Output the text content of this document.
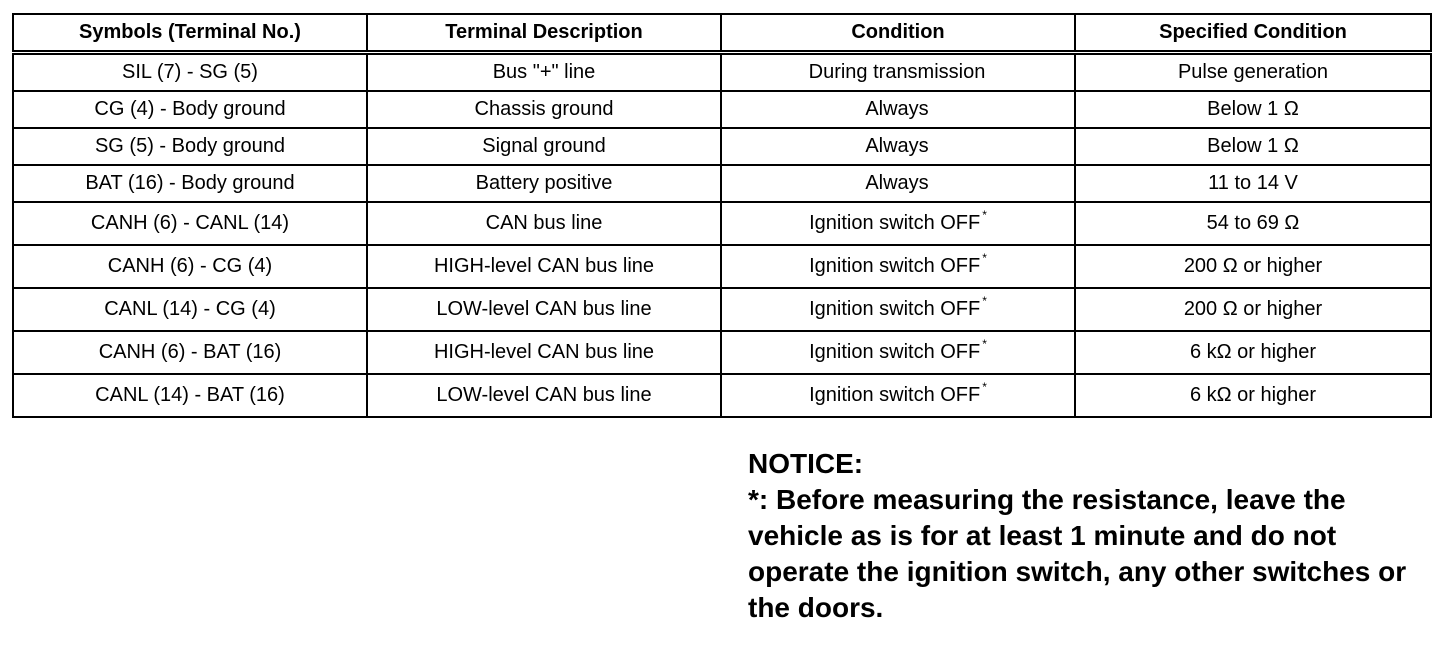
Symbols (Terminal No.)	Terminal Description	Condition	Specified Condition
SIL (7) - SG (5)	Bus "+" line	During transmission	Pulse generation
CG (4) - Body ground	Chassis ground	Always	Below 1 Ω
SG (5) - Body ground	Signal ground	Always	Below 1 Ω
BAT (16) - Body ground	Battery positive	Always	11 to 14 V
CANH (6) - CANL (14)	CAN bus line	Ignition switch OFF *	54 to 69 Ω
CANH (6) - CG (4)	HIGH-level CAN bus line	Ignition switch OFF *	200 Ω or higher
CANL (14) - CG (4)	LOW-level CAN bus line	Ignition switch OFF *	200 Ω or higher
CANH (6) - BAT (16)	HIGH-level CAN bus line	Ignition switch OFF *	6 kΩ or higher
CANL (14) - BAT (16)	LOW-level CAN bus line	Ignition switch OFF *	6 kΩ or higher

NOTICE:

*: Before measuring the resistance, leave the vehicle as is for at least 1 minute and do not operate the ignition switch, any other switches or the doors.
